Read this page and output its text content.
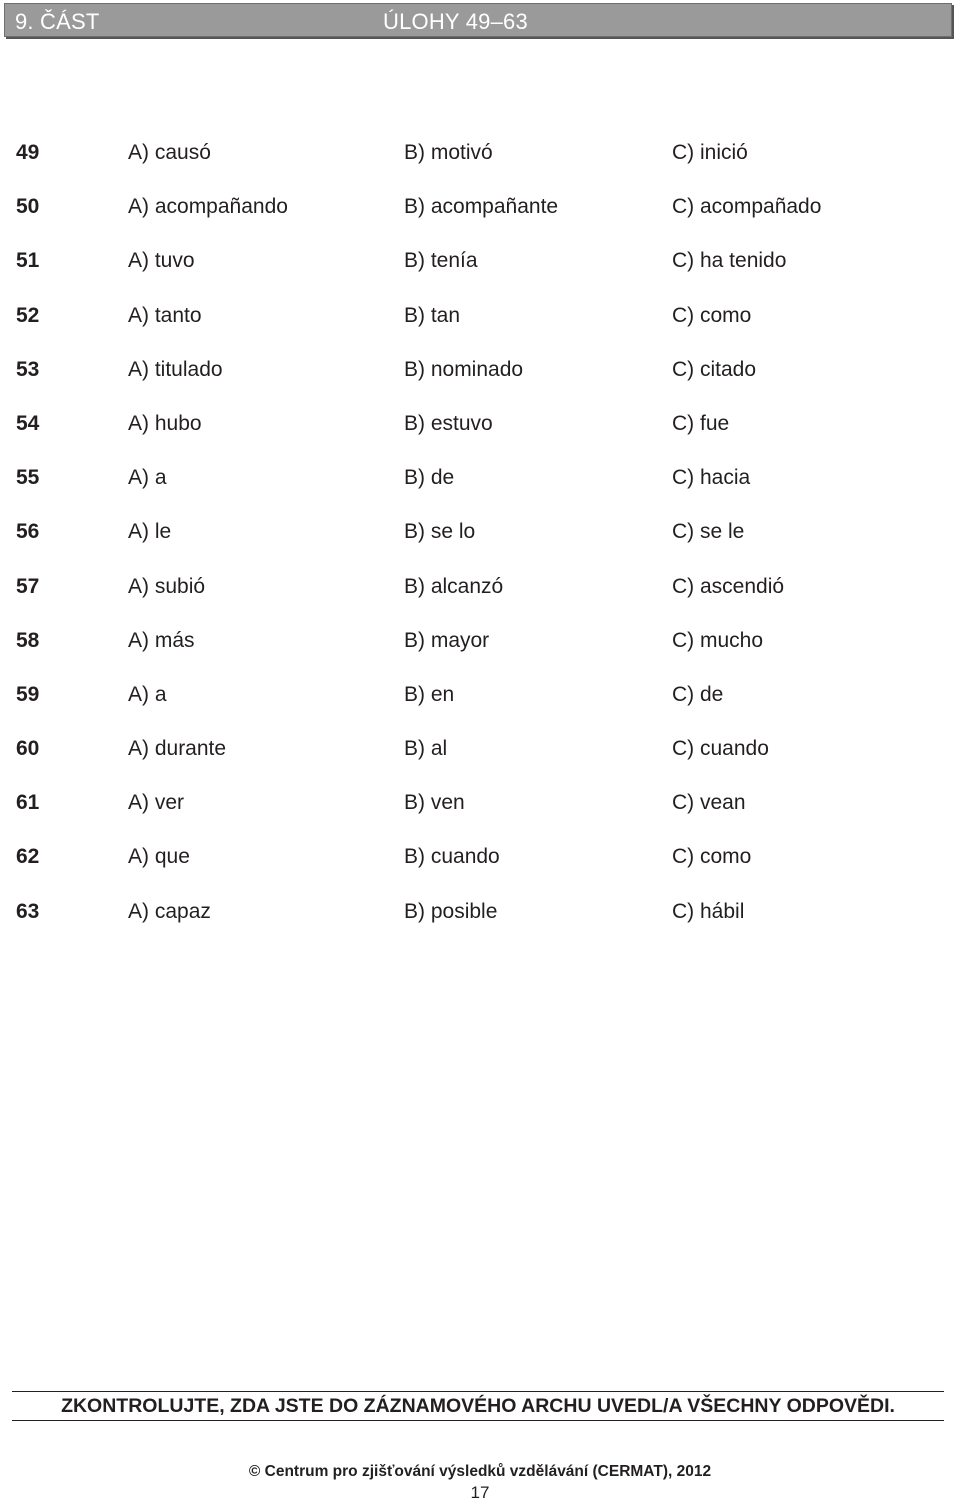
9. ČÁST	ÚLOHY 49–63
49	A) causó	B) motivó	C) inició
50	A) acompañando	B) acompañante	C) acompañado
51	A) tuvo	B) tenía	C) ha tenido
52	A) tanto	B) tan	C) como
53	A) titulado	B) nominado	C) citado
54	A) hubo	B) estuvo	C) fue
55	A) a	B) de	C) hacia
56	A) le	B) se lo	C) se le
57	A) subió	B) alcanzó	C) ascendió
58	A) más	B) mayor	C) mucho
59	A) a	B) en	C) de
60	A) durante	B) al	C) cuando
61	A) ver	B) ven	C) vean
62	A) que	B) cuando	C) como
63	A) capaz	B) posible	C) hábil
ZKONTROLUJTE, ZDA JSTE DO ZÁZNAMOVÉHO ARCHU UVEDL/A VŠECHNY ODPOVĚDI.
© Centrum pro zjišťování výsledků vzdělávání (CERMAT), 2012
17
